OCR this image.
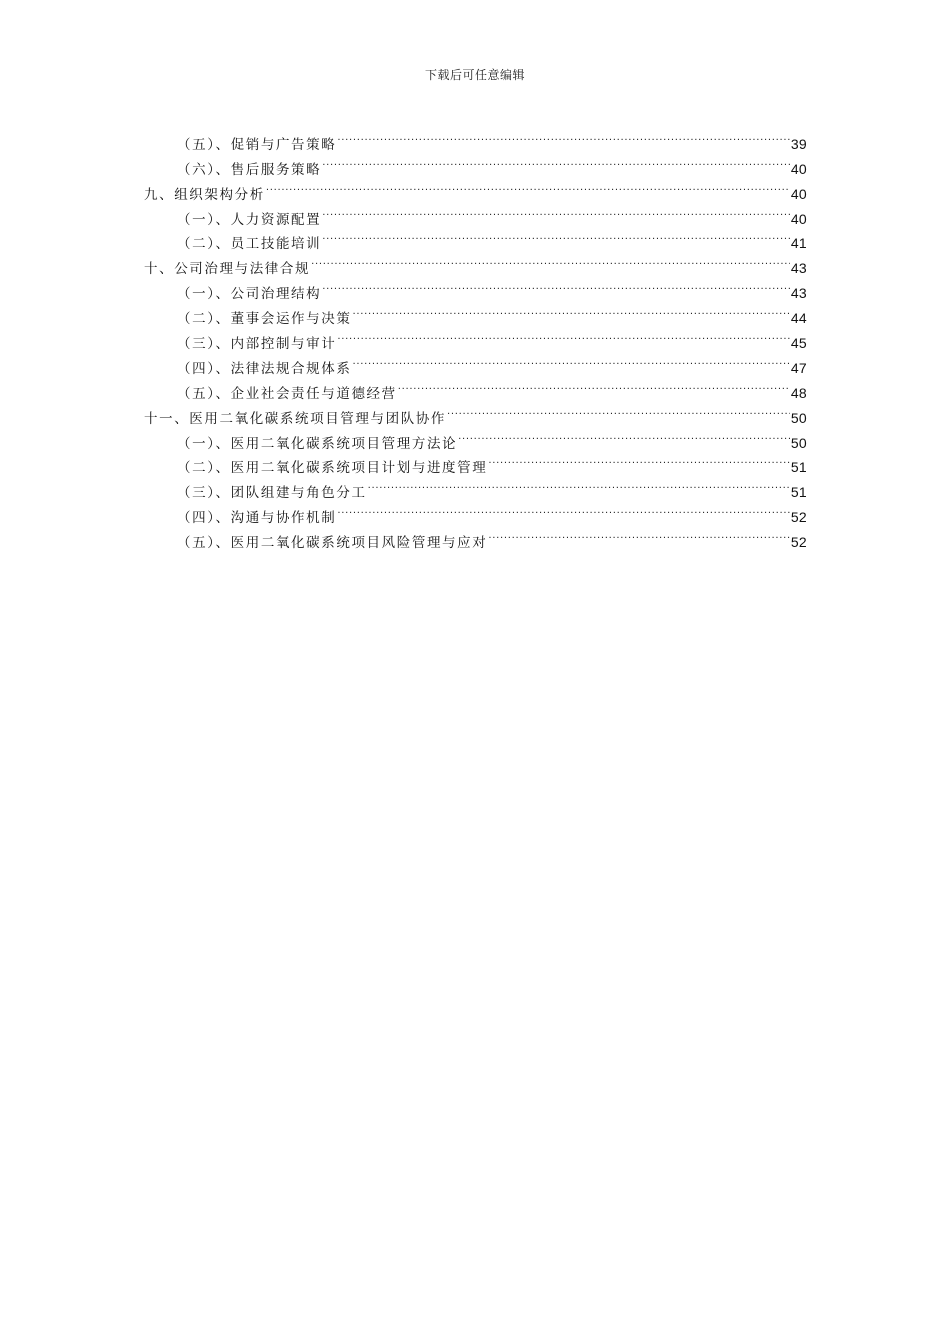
下载后可任意编辑
（五）、促销与广告策略 .....	39
（六）、售后服务策略 .....	40
九、组织架构分析 .....	40
（一）、人力资源配置 .....	40
（二）、员工技能培训 .....	41
十、公司治理与法律合规 .....	43
（一）、公司治理结构 .....	43
（二）、董事会运作与决策 .....	44
（三）、内部控制与审计 .....	45
（四）、法律法规合规体系 .....	47
（五）、企业社会责任与道德经营 .....	48
十一、医用二氧化碳系统项目管理与团队协作 .....	50
（一）、医用二氧化碳系统项目管理方法论 .....	50
（二）、医用二氧化碳系统项目计划与进度管理 .....	51
（三）、团队组建与角色分工 .....	51
（四）、沟通与协作机制 .....	52
（五）、医用二氧化碳系统项目风险管理与应对 .....	52
